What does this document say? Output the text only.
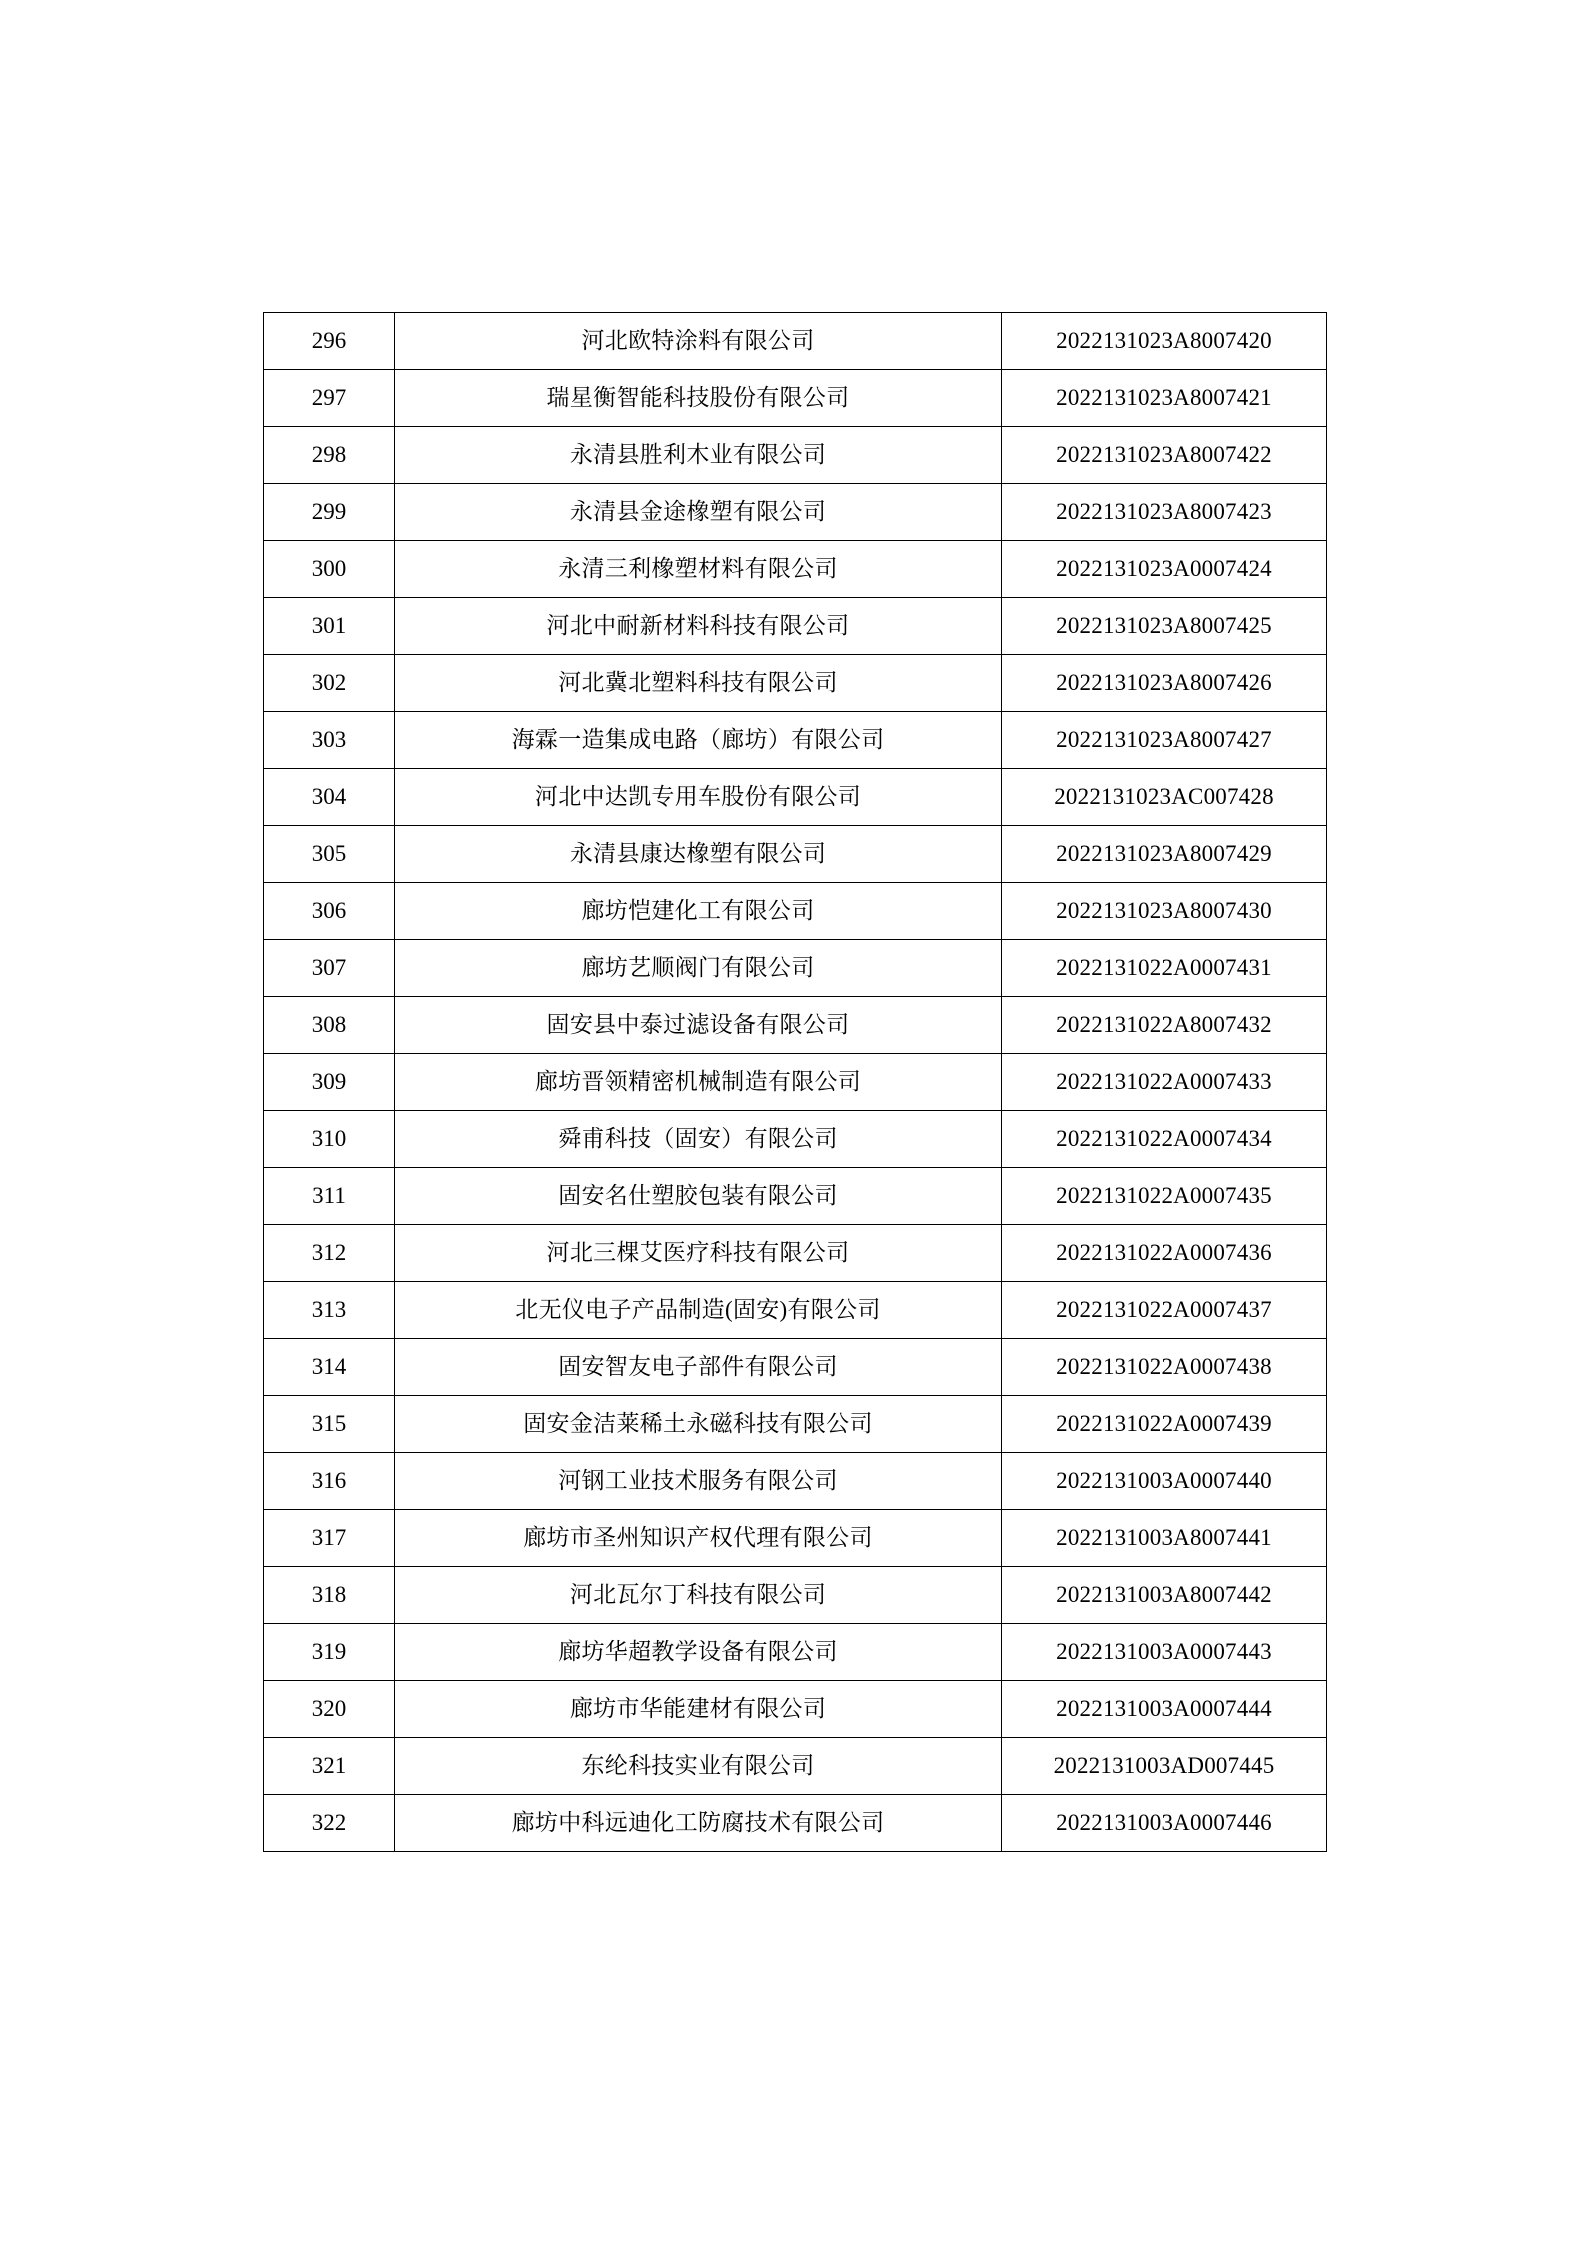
296	河北欧特涂料有限公司	2022131023A8007420
297	瑞星衡智能科技股份有限公司	2022131023A8007421
298	永清县胜利木业有限公司	2022131023A8007422
299	永清县金途橡塑有限公司	2022131023A8007423
300	永清三利橡塑材料有限公司	2022131023A0007424
301	河北中耐新材料科技有限公司	2022131023A8007425
302	河北冀北塑料科技有限公司	2022131023A8007426
303	海霖一造集成电路（廊坊）有限公司	2022131023A8007427
304	河北中达凯专用车股份有限公司	2022131023AC007428
305	永清县康达橡塑有限公司	2022131023A8007429
306	廊坊恺建化工有限公司	2022131023A8007430
307	廊坊艺顺阀门有限公司	2022131022A0007431
308	固安县中泰过滤设备有限公司	2022131022A8007432
309	廊坊晋领精密机械制造有限公司	2022131022A0007433
310	舜甫科技（固安）有限公司	2022131022A0007434
311	固安名仕塑胶包装有限公司	2022131022A0007435
312	河北三棵艾医疗科技有限公司	2022131022A0007436
313	北无仪电子产品制造(固安)有限公司	2022131022A0007437
314	固安智友电子部件有限公司	2022131022A0007438
315	固安金洁莱稀土永磁科技有限公司	2022131022A0007439
316	河钢工业技术服务有限公司	2022131003A0007440
317	廊坊市圣州知识产权代理有限公司	2022131003A8007441
318	河北瓦尔丁科技有限公司	2022131003A8007442
319	廊坊华超教学设备有限公司	2022131003A0007443
320	廊坊市华能建材有限公司	2022131003A0007444
321	东纶科技实业有限公司	2022131003AD007445
322	廊坊中科远迪化工防腐技术有限公司	2022131003A0007446
